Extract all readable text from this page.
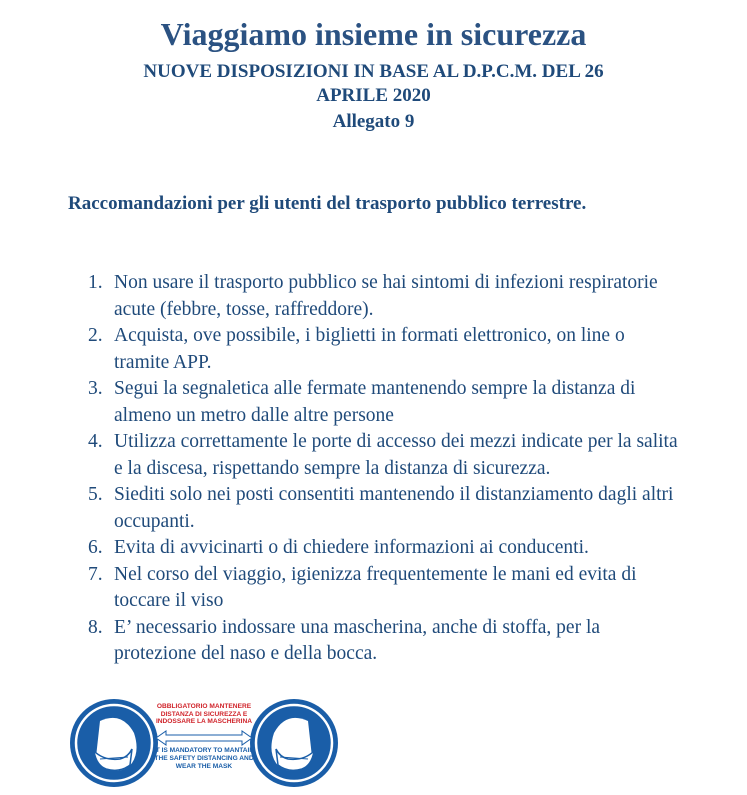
Viaggiamo insieme in sicurezza
NUOVE DISPOSIZIONI IN BASE AL D.P.C.M. DEL 26 APRILE 2020
Allegato 9
Raccomandazioni per gli utenti del trasporto pubblico terrestre.
1. Non usare il trasporto pubblico se hai sintomi di infezioni respiratorie acute (febbre, tosse, raffreddore).
2. Acquista, ove possibile, i biglietti in formati elettronico, on line o tramite APP.
3. Segui la segnaletica alle fermate mantenendo sempre la distanza di almeno un metro dalle altre persone
4. Utilizza correttamente le porte di accesso dei mezzi indicate per la salita e la discesa, rispettando sempre la distanza di sicurezza.
5. Siediti solo nei posti consentiti mantenendo il distanziamento dagli altri occupanti.
6. Evita di avvicinarti o di chiedere informazioni ai conducenti.
7. Nel corso del viaggio, igienizza frequentemente le mani ed evita di toccare il viso
8. E’ necessario indossare una mascherina, anche di stoffa, per la protezione del naso e della bocca.
OBBLIGATORIO MANTENERE DISTANZA DI SICUREZZA E INDOSSARE LA MASCHERINA
IT IS MANDATORY TO MANTAIN THE SAFETY DISTANCING AND WEAR THE MASK
